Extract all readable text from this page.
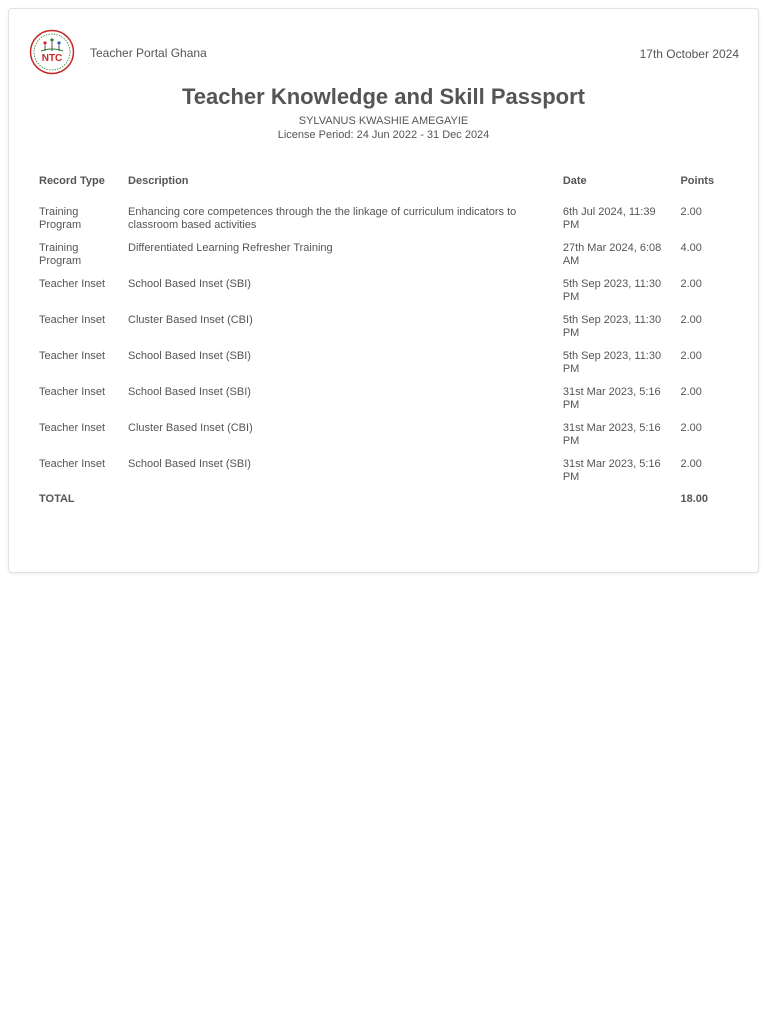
NTC Teacher Portal Ghana	17th October 2024
Teacher Knowledge and Skill Passport
SYLVANUS KWASHIE AMEGAYIE
License Period: 24 Jun 2022 - 31 Dec 2024
Record Type	Description	Date	Points
Training Program	Enhancing core competences through the the linkage of curriculum indicators to classroom based activities	6th Jul 2024, 11:39 PM	2.00
Training Program	Differentiated Learning Refresher Training	27th Mar 2024, 6:08 AM	4.00
Teacher Inset	School Based Inset (SBI)	5th Sep 2023, 11:30 PM	2.00
Teacher Inset	Cluster Based Inset (CBI)	5th Sep 2023, 11:30 PM	2.00
Teacher Inset	School Based Inset (SBI)	5th Sep 2023, 11:30 PM	2.00
Teacher Inset	School Based Inset (SBI)	31st Mar 2023, 5:16 PM	2.00
Teacher Inset	Cluster Based Inset (CBI)	31st Mar 2023, 5:16 PM	2.00
Teacher Inset	School Based Inset (SBI)	31st Mar 2023, 5:16 PM	2.00
TOTAL			18.00
